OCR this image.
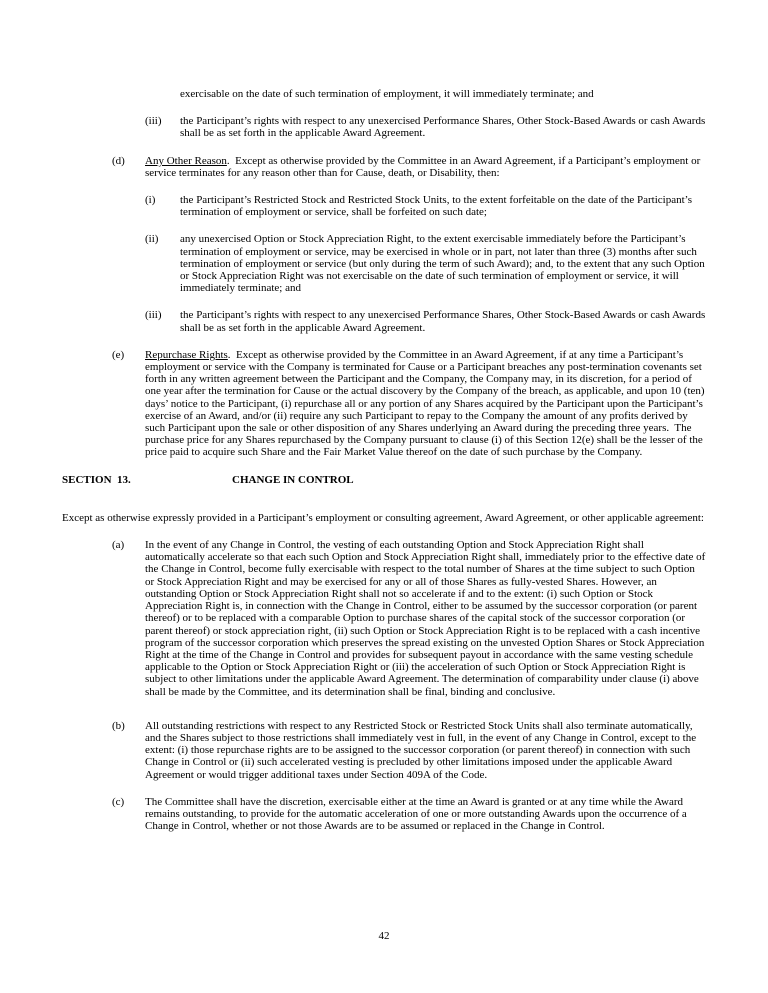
exercisable on the date of such termination of employment, it will immediately terminate; and
(iii)	the Participant’s rights with respect to any unexercised Performance Shares, Other Stock-Based Awards or cash Awards shall be as set forth in the applicable Award Agreement.
(d)	Any Other Reason.  Except as otherwise provided by the Committee in an Award Agreement, if a Participant’s employment or service terminates for any reason other than for Cause, death, or Disability, then:
(i)	the Participant’s Restricted Stock and Restricted Stock Units, to the extent forfeitable on the date of the Participant’s termination of employment or service, shall be forfeited on such date;
(ii)	any unexercised Option or Stock Appreciation Right, to the extent exercisable immediately before the Participant’s termination of employment or service, may be exercised in whole or in part, not later than three (3) months after such termination of employment or service (but only during the term of such Award); and, to the extent that any such Option or Stock Appreciation Right was not exercisable on the date of such termination of employment or service, it will immediately terminate; and
(iii)	the Participant’s rights with respect to any unexercised Performance Shares, Other Stock-Based Awards or cash Awards shall be as set forth in the applicable Award Agreement.
(e)	Repurchase Rights.  Except as otherwise provided by the Committee in an Award Agreement, if at any time a Participant’s employment or service with the Company is terminated for Cause or a Participant breaches any post-termination covenants set forth in any written agreement between the Participant and the Company, the Company may, in its discretion, for a period of one year after the termination for Cause or the actual discovery by the Company of the breach, as applicable, and upon 10 (ten) days’ notice to the Participant, (i) repurchase all or any portion of any Shares acquired by the Participant upon the Participant’s exercise of an Award, and/or (ii) require any such Participant to repay to the Company the amount of any profits derived by such Participant upon the sale or other disposition of any Shares underlying an Award during the preceding three years.  The purchase price for any Shares repurchased by the Company pursuant to clause (i) of this Section 12(e) shall be the lesser of the price paid to acquire such Share and the Fair Market Value thereof on the date of such purchase by the Company.
SECTION  13.	CHANGE IN CONTROL
Except as otherwise expressly provided in a Participant’s employment or consulting agreement, Award Agreement, or other applicable agreement:
(a)	In the event of any Change in Control, the vesting of each outstanding Option and Stock Appreciation Right shall automatically accelerate so that each such Option and Stock Appreciation Right shall, immediately prior to the effective date of the Change in Control, become fully exercisable with respect to the total number of Shares at the time subject to such Option or Stock Appreciation Right and may be exercised for any or all of those Shares as fully-vested Shares. However, an outstanding Option or Stock Appreciation Right shall not so accelerate if and to the extent: (i) such Option or Stock Appreciation Right is, in connection with the Change in Control, either to be assumed by the successor corporation (or parent thereof) or to be replaced with a comparable Option to purchase shares of the capital stock of the successor corporation (or parent thereof) or stock appreciation right, (ii) such Option or Stock Appreciation Right is to be replaced with a cash incentive program of the successor corporation which preserves the spread existing on the unvested Option Shares or Stock Appreciation Right at the time of the Change in Control and provides for subsequent payout in accordance with the same vesting schedule applicable to the Option or Stock Appreciation Right or (iii) the acceleration of such Option or Stock Appreciation Right is subject to other limitations under the applicable Award Agreement. The determination of comparability under clause (i) above shall be made by the Committee, and its determination shall be final, binding and conclusive.
(b)	All outstanding restrictions with respect to any Restricted Stock or Restricted Stock Units shall also terminate automatically, and the Shares subject to those restrictions shall immediately vest in full, in the event of any Change in Control, except to the extent: (i) those repurchase rights are to be assigned to the successor corporation (or parent thereof) in connection with such Change in Control or (ii) such accelerated vesting is precluded by other limitations imposed under the applicable Award Agreement or would trigger additional taxes under Section 409A of the Code.
(c)	The Committee shall have the discretion, exercisable either at the time an Award is granted or at any time while the Award remains outstanding, to provide for the automatic acceleration of one or more outstanding Awards upon the occurrence of a Change in Control, whether or not those Awards are to be assumed or replaced in the Change in Control.
42
